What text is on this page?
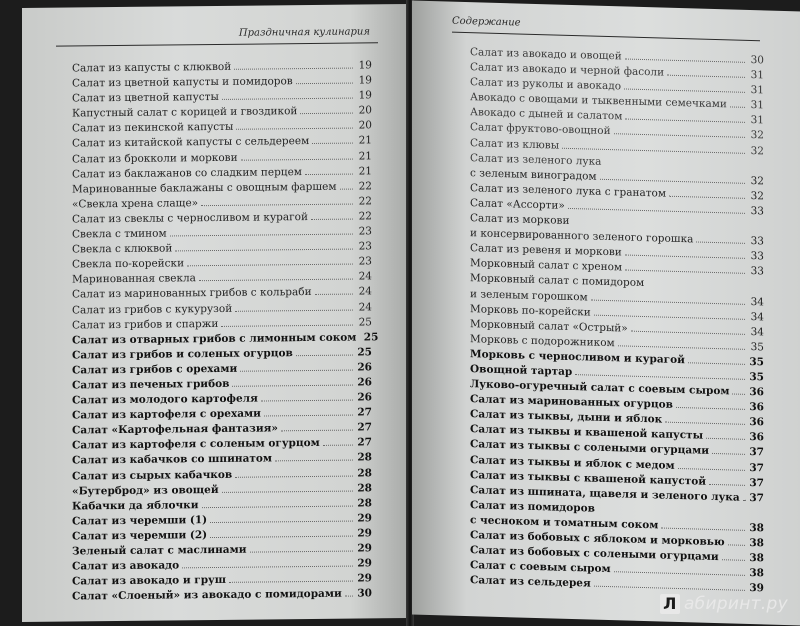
Праздничная кулинария
Салат из капусты с клюквой	19
Салат из цветной капусты и помидоров	19
Салат из цветной капусты	19
Капустный салат с корицей и гвоздикой	20
Салат из пекинской капусты	20
Салат из китайской капусты с сельдереем	21
Салат из брокколи и моркови	21
Салат из баклажанов со сладким перцем	21
Маринованные баклажаны с овощным фаршем 22
«Свекла хрена слаще»	22
Салат из свеклы с черносливом и курагой	22
Свекла с тмином	23
Свекла с клюквой	23
Свекла по-корейски	23
Маринованная свекла	24
Салат из маринованных грибов с кольраби	24
Салат из грибов с кукурузой	24
Салат из грибов и спаржи	25
Салат из отварных грибов с лимонным соком 25
Салат из грибов и соленых огурцов	25
Салат из грибов с орехами	26
Салат из печеных грибов	26
Салат из молодого картофеля	26
Салат из картофеля с орехами	27
Салат «Картофельная фантазия»	27
Салат из картофеля с соленым огурцом	27
Салат из кабачков со шпинатом	28
Салат из сырых кабачков	28
«Бутерброд» из овощей	28
Кабачки да яблочки	28
Салат из черемши (1)	29
Салат из черемши (2)	29
Зеленый салат с маслинами	29
Салат из авокадо	29
Салат из авокадо и груш	29
Салат «Слоеный» из авокадо с помидорами 30
Содержание
Салат из авокадо и овощей	30
Салат из авокадо и черной фасоли	31
Салат из руколы и авокадо	31
Авокадо с овощами и тыквенными семечками 31
Авокадо с дыней и салатом	31
Салат фруктово-овощной	32
Салат из клювы	32
Салат из зеленого лука
с зеленым виноградом	32
Салат из зеленого лука с гранатом	32
Салат «Ассорти»	33
Салат из моркови
и консервированного зеленого горошка	33
Салат из ревеня и моркови	33
Морковный салат с хреном	33
Морковный салат с помидором
и зеленым горошком	34
Морковь по-корейски	34
Морковный салат «Острый»	34
Морковь с подорожником	35
Морковь с черносливом и курагой	35
Овощной тартар	35
Луково-огуречный салат с соевым сыром 36
Салат из маринованных огурцов	36
Салат из тыквы, дыни и яблок	36
Салат из тыквы и квашеной капусты	36
Салат из тыквы с солеными огурцами	37
Салат из тыквы и яблок с медом	37
Салат из тыквы с квашеной капустой	37
Салат из шпината, щавеля и зеленого лука 37
Салат из помидоров
с чесноком и томатным соком	38
Салат из бобовых с яблоком и морковью 38
Салат из бобовых с солеными огурцами	38
Салат с соевым сыром	38
Салат из сельдерея	39
Л абиринт.ру
